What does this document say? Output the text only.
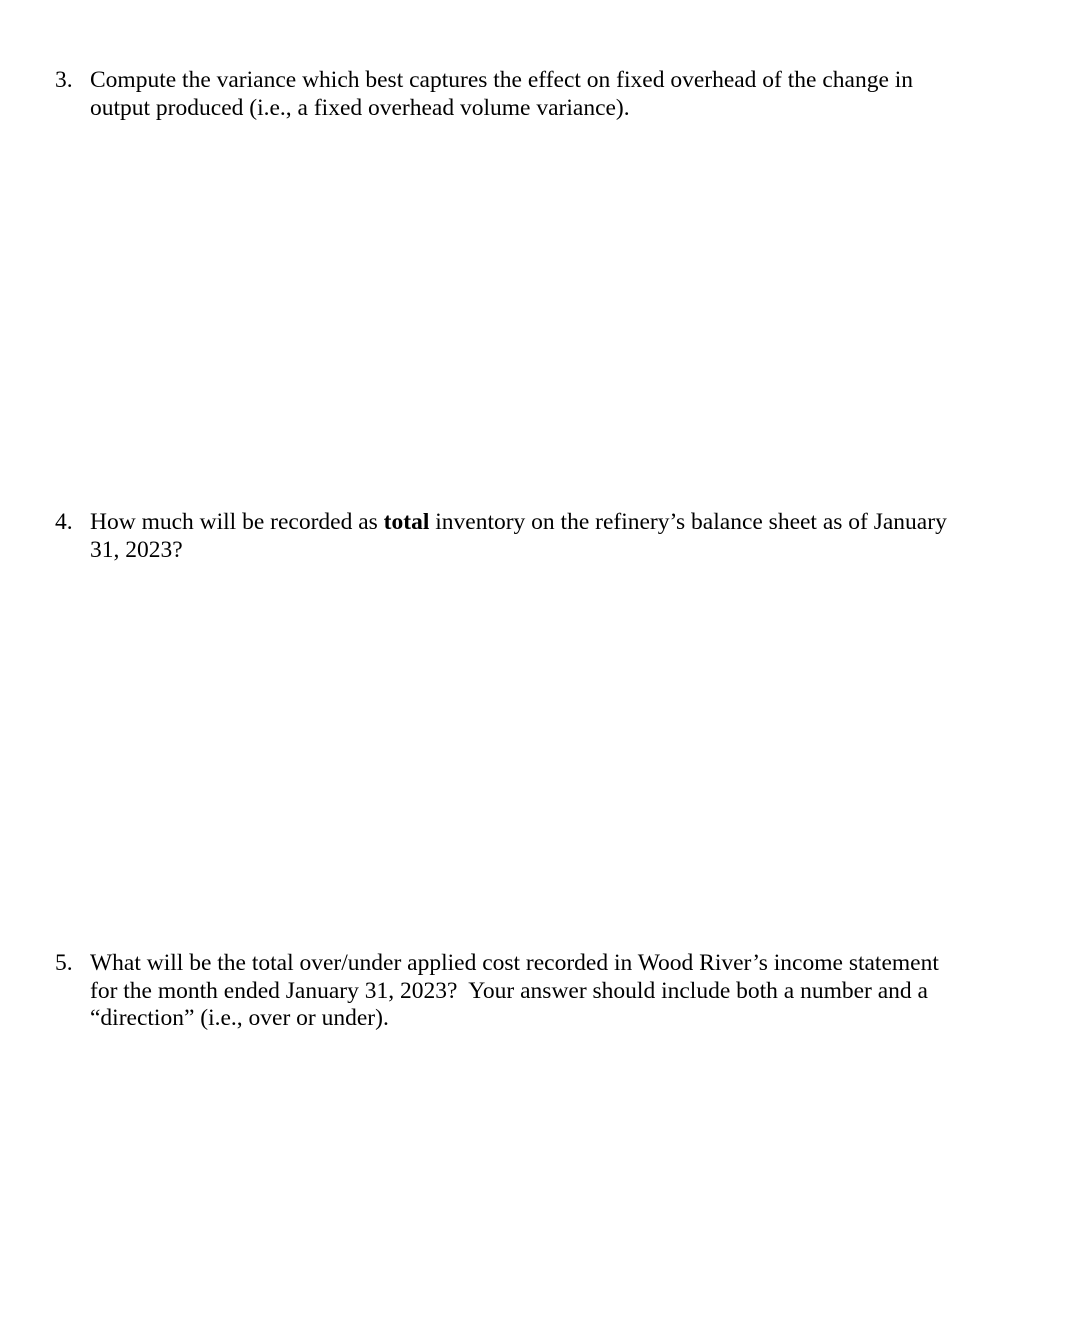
3. Compute the variance which best captures the effect on fixed overhead of the change in
output produced (i.e., a fixed overhead volume variance).
4. How much will be recorded as total inventory on the refinery’s balance sheet as of January
31, 2023?
5. What will be the total over/under applied cost recorded in Wood River’s income statement
for the month ended January 31, 2023?  Your answer should include both a number and a
“direction” (i.e., over or under).
